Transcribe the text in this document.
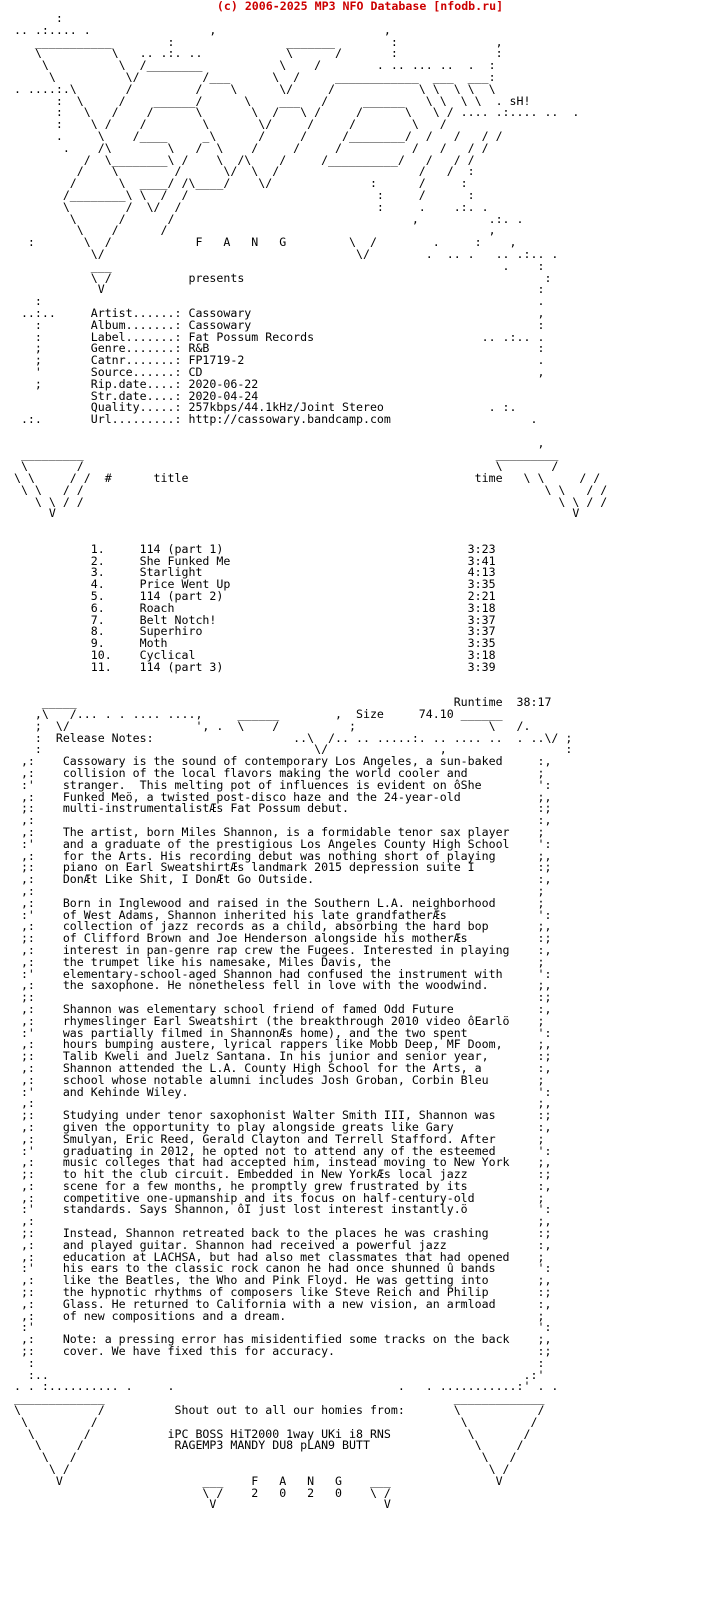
(c) 2006-2025 MP3 NFO Database [nfodb.ru]
:
.. .:.... .                 ,                        ,
___________        :                _______        :              ,
\          \   .. .:. ..            \      /       :              :
\          \  /________           \    /        . .. ... ..  .  :
\          \/         /___      \  /     ____________  ___  ___:
. ....:.\       /         /    \      \/     /            \ \  \ \  \
:  \     /    ______/      \    ___   /     ______   \ \  \ \  . sH!
:   \   /    /      \       \  /   \ /     /      \   \ / .... .:.... ..  .
:    \ /    /        \       \/     /     /        \   /
.     \    /____     _\      /     /     /________/  /   /   / /
.    /\        \   /  \    /     /     /          /   /   / /
/  \________\ /    \  /\    /     /__________/   /   / /
/    \        /      \/  \  /                    /   /  :
/      \  ____/ /\____/    \/              :      /     :
/________\ \  /  /                           :     /      :
\        /  \/  /                            :     .    .:. .
\      /      /                                  ,          .:. .
\    /      /                                              ,
:       \  /            F   A   N   G         \  /        .     :    ,
\/                                    \/        .  .. .   .. .:.. .
___                                                        .    :
\ /           presents                                           :
V                                                              :
:                                                                       .
..:..     Artist......: Cassowary                                         ,
:       Album.......: Cassowary                                         :
:       Label.......: Fat Possum Records                        .. .:.. .
;       Genre.......: R&B                                               :
;       Catnr.......: FP1719-2                                          .
'       Source......: CD                                                ,
;       Rip.date....: 2020-06-22
Str.date....: 2020-04-24
Quality.....: 257kbps/44.1kHz/Joint Stereo               . :.
.:.       Url.........: http://cassowary.bandcamp.com                    .

,
_________                                                           _________
\       /                                                           \       /
\ \     / /  #      title                                         time   \ \     / /
\ \   / /                                                                  \ \   / /
\ \ / /                                                                    \ \ / /
V                                                                          V

1.     114 (part 1)                                   3:23
2.     She Funked Me                                  3:41
3.     Starlight                                      4:13
4.     Price Went Up                                  3:35
5.     114 (part 2)                                   2:21
6.     Roach                                          3:18
7.     Belt Notch!                                    3:37
8.     Superhiro                                      3:37
9.     Moth                                           3:35
10.    Cyclical                                       3:18
11.    114 (part 3)                                   3:39

_____                                                      Runtime  38:17
,\   /... . . .... ....,     ______        ,  Size     74.10 ______
;  \/                  ', .  \    /          ;                   \   /.
:  Release Notes:                    ..\  /.. .. .....:. .. .... ..  . ..\/ ;
:                                       \/                ,                 :
,:    Cassowary is the sound of contemporary Los Angeles, a sun-baked     :,
,:    collision of the local flavors making the world cooler and          ;
:'    stranger.  This melting pot of influences is evident on ôShe        ':
,:    Funked Meö, a twisted post-disco haze and the 24-year-old           ;,
;:    multi-instrumentalistÆs Fat Possum debut.                           :;
,:                                                                        :,
,:    The artist, born Miles Shannon, is a formidable tenor sax player    ;
:'    and a graduate of the prestigious Los Angeles County High School    ':
,:    for the Arts. His recording debut was nothing short of playing      ;,
;:    piano on Earl SweatshirtÆs landmark 2015 depression suite I         :;
,:    DonÆt Like Shit, I DonÆt Go Outside.                                :,
,:                                                                        ;
,:    Born in Inglewood and raised in the Southern L.A. neighborhood      ;
:'    of West Adams, Shannon inherited his late grandfatherÆs             ':
,:    collection of jazz records as a child, absorbing the hard bop       ;,
;:    of Clifford Brown and Joe Henderson alongside his motherÆs          :;
,:    interest in pan-genre rap crew the Fugees. Interested in playing    :,
,:    the trumpet like his namesake, Miles Davis, the                     ;
:'    elementary-school-aged Shannon had confused the instrument with     ':
,:    the saxophone. He nonetheless fell in love with the woodwind.       ;,
;:                                                                        :;
,:    Shannon was elementary school friend of famed Odd Future            :,
,:    rhymeslinger Earl Sweatshirt (the breakthrough 2010 video ôEarlö    ;
:'    was partially filmed in ShannonÆs home), and the two spent          ':
,:    hours bumping austere, lyrical rappers like Mobb Deep, MF Doom,     ;,
;:    Talib Kweli and Juelz Santana. In his junior and senior year,       :;
,:    Shannon attended the L.A. County High School for the Arts, a        :,
,:    school whose notable alumni includes Josh Groban, Corbin Bleu       ;
:'    and Kehinde Wiley.                                                  ':
,:                                                                        ;,
;:    Studying under tenor saxophonist Walter Smith III, Shannon was      :;
,:    given the opportunity to play alongside greats like Gary            :,
,:    Smulyan, Eric Reed, Gerald Clayton and Terrell Stafford. After      ;
:'    graduating in 2012, he opted not to attend any of the esteemed      ':
,:    music colleges that had accepted him, instead moving to New York    ;,
;:    to hit the club circuit. Embedded in New YorkÆs local jazz          :;
,:    scene for a few months, he promptly grew frustrated by its          :,
,:    competitive one-upmanship and its focus on half-century-old         ;
:'    standards. Says Shannon, ôI just lost interest instantly.ö          ':
,:                                                                        ;,
;:    Instead, Shannon retreated back to the places he was crashing       :;
,:    and played guitar. Shannon had received a powerful jazz             :,
,:    education at LACHSA, but had also met classmates that had opened    ;
:'    his ears to the classic rock canon he had once shunned û bands      ':
,:    like the Beatles, the Who and Pink Floyd. He was getting into       ;,
;:    the hypnotic rhythms of composers like Steve Reich and Philip       :;
,:    Glass. He returned to California with a new vision, an armload      :,
,:    of new compositions and a dream.                                    ;
:'                                                                        ':
,:    Note: a pressing error has misidentified some tracks on the back    ;,
;:    cover. We have fixed this for accuracy.                             :;
:                                                                        :
:..                                                                    .:'
. . :.......... .     .                                .   . ...........:' . .
_____________                                                  _____________
\           /          Shout out to all our homies from:       \           /
\         /                                                    \         /
\       /           iPC BOSS HiT2000 1way UKi i8 RNS           \       /
\     /             RAGEMP3 MANDY DU8 pLAN9 BUTT               \     /
\   /                                                          \   /
\ /                                                            \ /
V                    ___    F   A   N   G    ___               V
\ /    2   0   2   0    \ /
V                        V
